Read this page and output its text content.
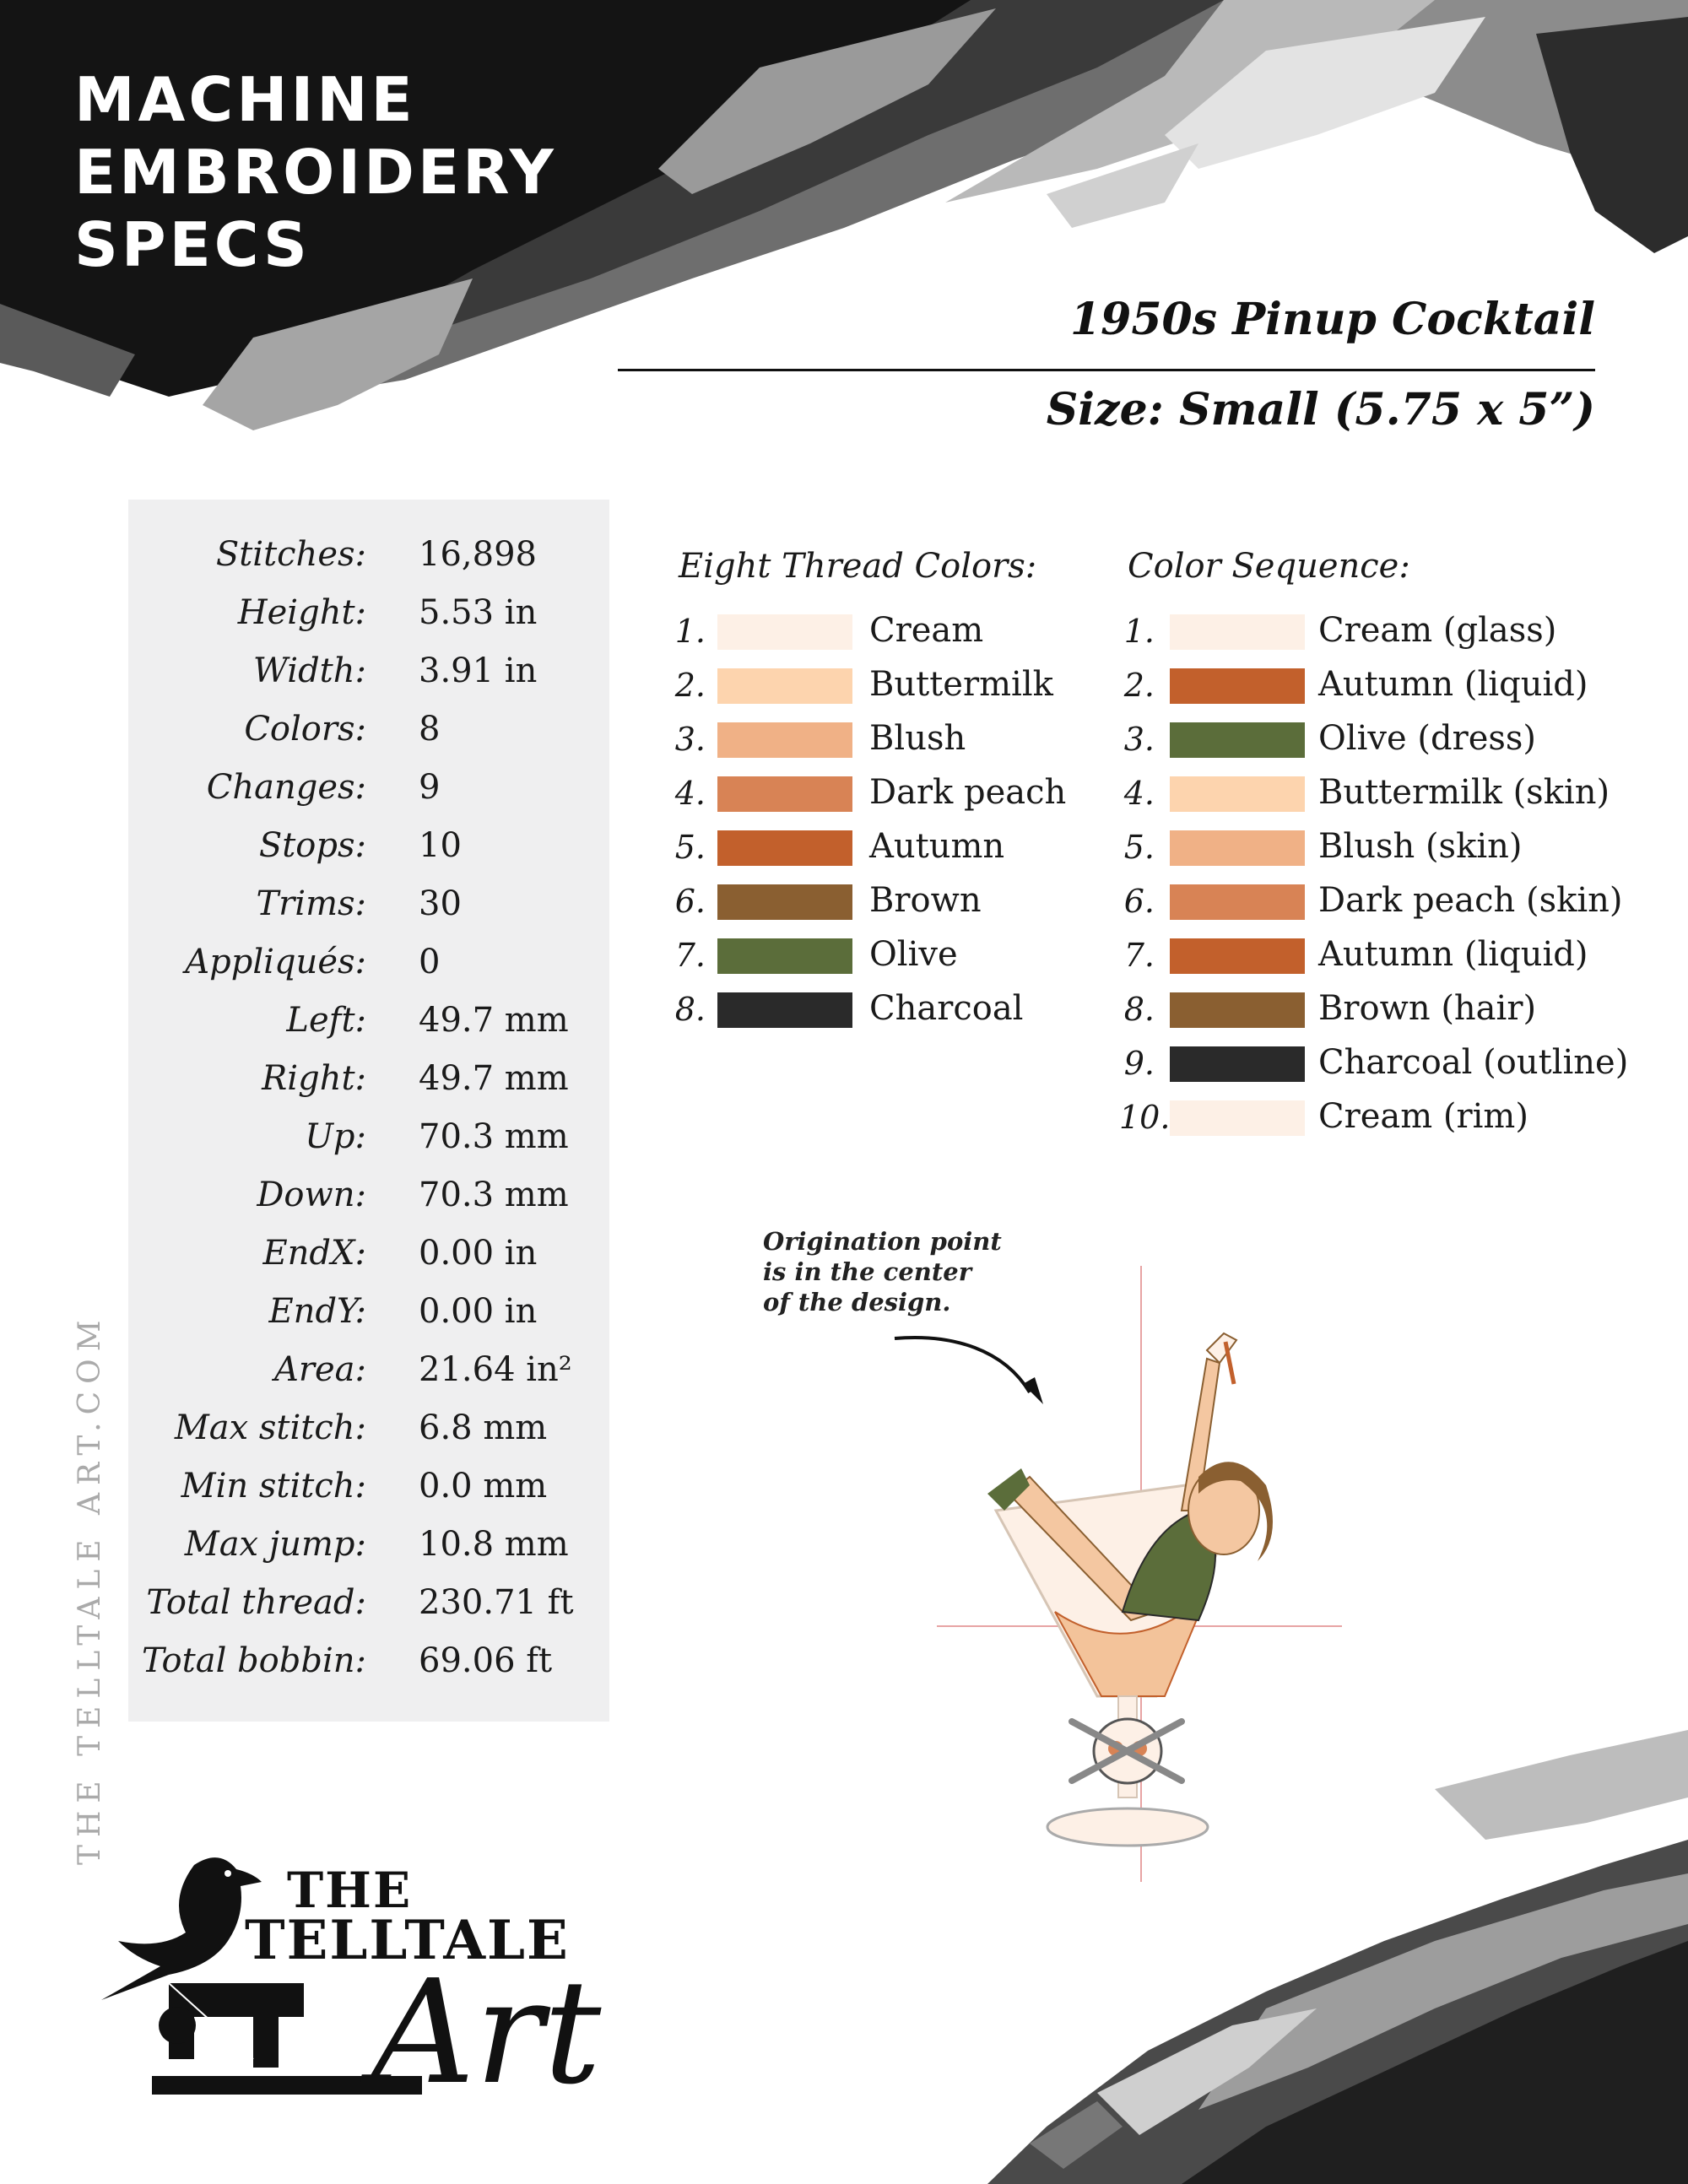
MACHINE
EMBROIDERY
SPECS
1950s Pinup Cocktail
Size: Small (5.75 x 5”)
Stitches: 16,898
Height: 5.53 in
Width: 3.91 in
Colors: 8
Changes: 9
Stops: 10
Trims: 30
Appliqués: 0
Left: 49.7 mm
Right: 49.7 mm
Up: 70.3 mm
Down: 70.3 mm
EndX: 0.00 in
EndY: 0.00 in
Area: 21.64 in²
Max stitch: 6.8 mm
Min stitch: 0.0 mm
Max jump: 10.8 mm
Total thread: 230.71 ft
Total bobbin: 69.06 ft
Eight Thread Colors:
1.	Cream
2.	Buttermilk
3.	Blush
4.	Dark peach
5.	Autumn
6.	Brown
7.	Olive
8.	Charcoal
Color Sequence:
1.	Cream (glass)
2.	Autumn (liquid)
3.	Olive (dress)
4.	Buttermilk (skin)
5.	Blush (skin)
6.	Dark peach (skin)
7.	Autumn (liquid)
8.	Brown (hair)
9.	Charcoal (outline)
10.	Cream (rim)
Origination point
is in the center
of the design.
THE TELLTALE ART.COM
THE
TELLTALE
Art
